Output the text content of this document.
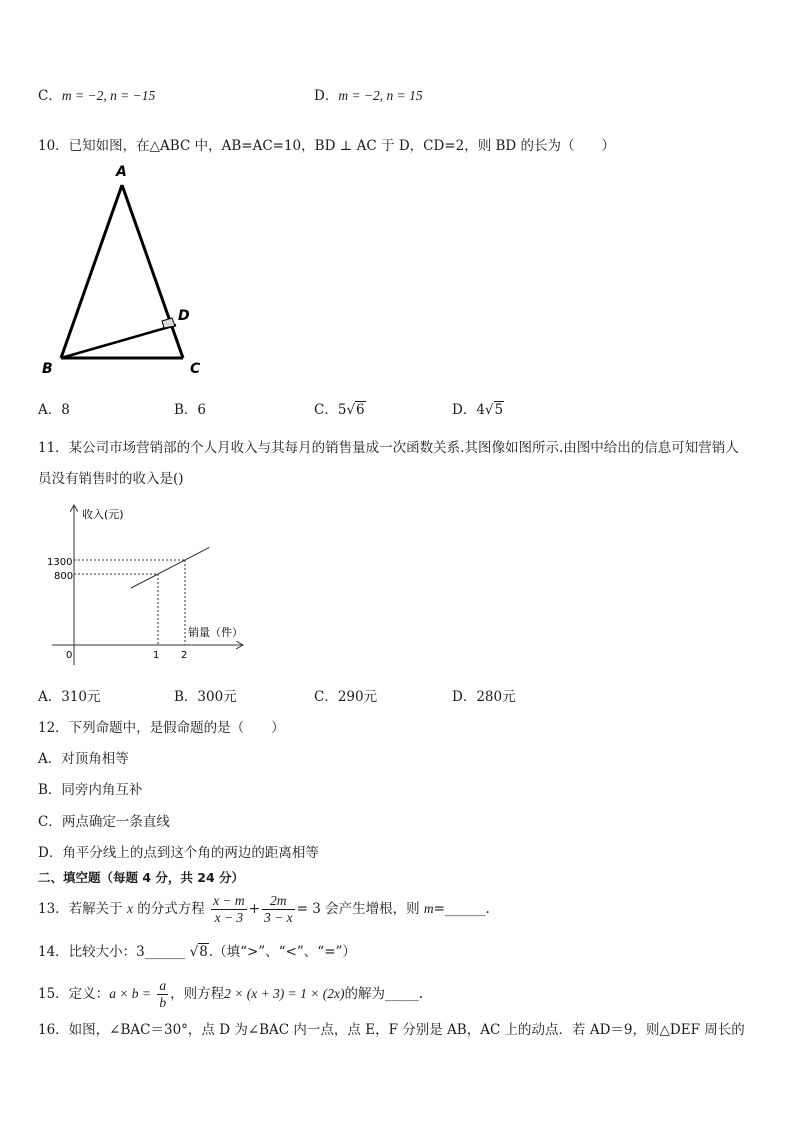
C．m = −2, n = −15	D．m = −2, n = 15
10．已知如图，在△ABC 中，AB=AC=10，BD ⊥ AC 于 D，CD=2，则 BD 的长为（　　）
A
B	C
D
A．8	B．6	C．5√6	D．4√5
11．某公司市场营销部的个人月收入与其每月的销售量成一次函数关系.其图像如图所示.由图中给出的信息可知营销人
员没有销售时的收入是()
收入(元)
销量（件）
0	1 2
1300
800
A．310元	B．300元	C．290元	D．280元
12．下列命题中，是假命题的是（　　）
A．对顶角相等
B．同旁内角互补
C．两点确定一条直线
D．角平分线上的点到这个角的两边的距离相等
二、填空题（每题 4 分，共 24 分）
13．若解关于 x 的分式方程 $\frac{x - m}{x - 3} + \frac{2m}{3 - x} = 3$ 会产生增根，则 m=______.
14．比较大小：3______ √8.（填“>”、“<”、“=”）
15．定义：$a \times b = \frac{a}{b}$ ，则方程2 × (x + 3) = 1 × (2x)的解为_____.
16．如图，∠BAC＝30°，点 D 为∠BAC 内一点，点 E，F 分别是 AB，AC 上的动点．若 AD＝9，则△DEF 周长的
